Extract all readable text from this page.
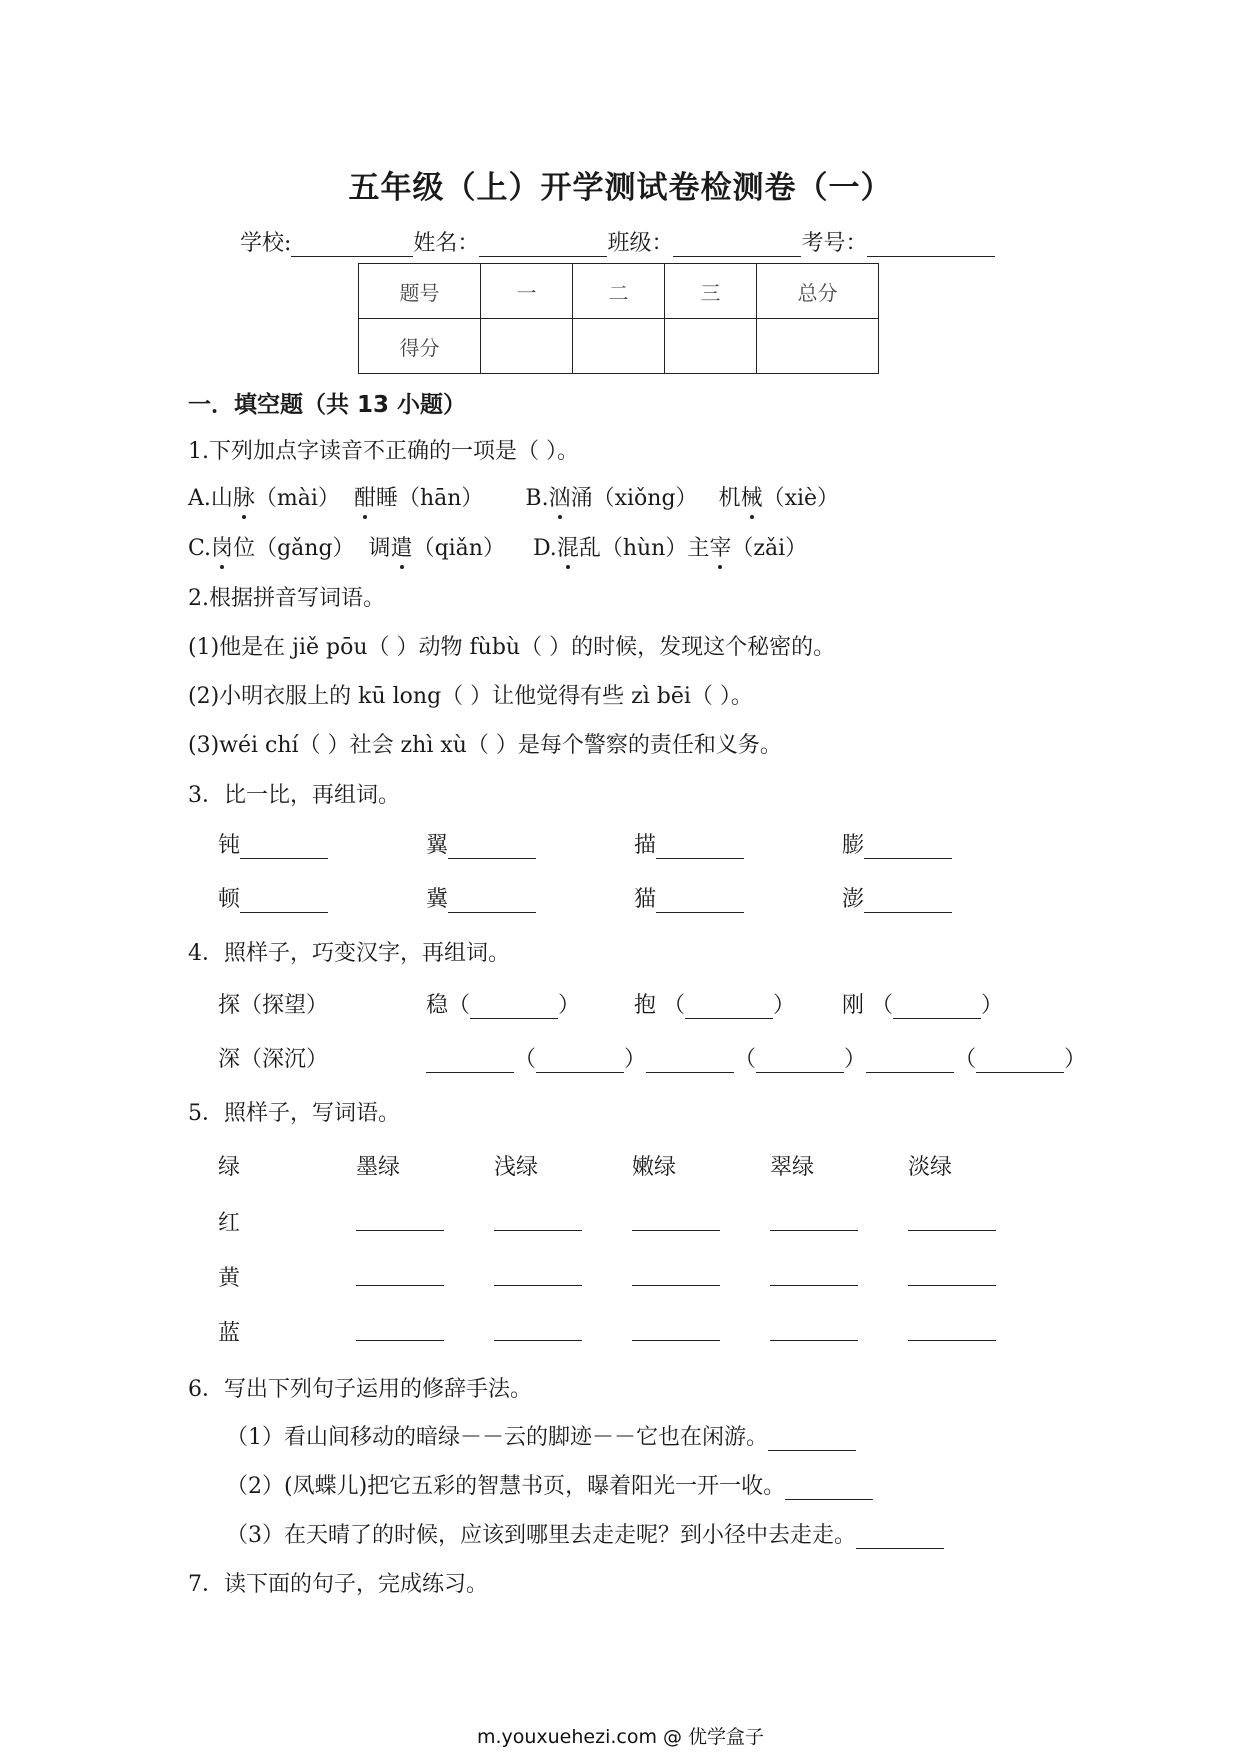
五年级（上）开学测试卷检测卷（一）
学校:	姓名：	班级：	考号：
题号	一	二	三	总分
得分				
一．填空题（共 13 小题）
1.下列加点字读音不正确的一项是（ ）。
A.山脉（mài） 酣睡（hān） B.汹涌（xiǒng） 机械（xiè）
C.岗位（gǎng） 调遣（qiǎn） D.混乱（hùn）主宰（zǎi）
2.根据拼音写词语。
(1)他是在 jiě pōu（ ）动物 fùbù（ ）的时候，发现这个秘密的。
(2)小明衣服上的 kū long（ ）让他觉得有些 zì bēi（ ）。
(3)wéi chí（ ）社会 zhì xù（ ）是每个警察的责任和义务。
3．比一比，再组词。
钝	翼	描	膨
顿	冀	猫	澎
4．照样子，巧变汉字，再组词。
探（探望）	稳（	） 抱 （	） 刚 （	）
深（深沉）	（	）	（	）	（	）
5．照样子，写词语。
绿	墨绿	浅绿	嫩绿	翠绿	淡绿
红
黄
蓝
6．写出下列句子运用的修辞手法。
（1）看山间移动的暗绿－－云的脚迹－－它也在闲游。
（2）(凤蝶儿)把它五彩的智慧书页，曝着阳光一开一收。
（3）在天晴了的时候，应该到哪里去走走呢？到小径中去走走。
7．读下面的句子，完成练习。
m.youxuehezi.com @ 优学盒子
